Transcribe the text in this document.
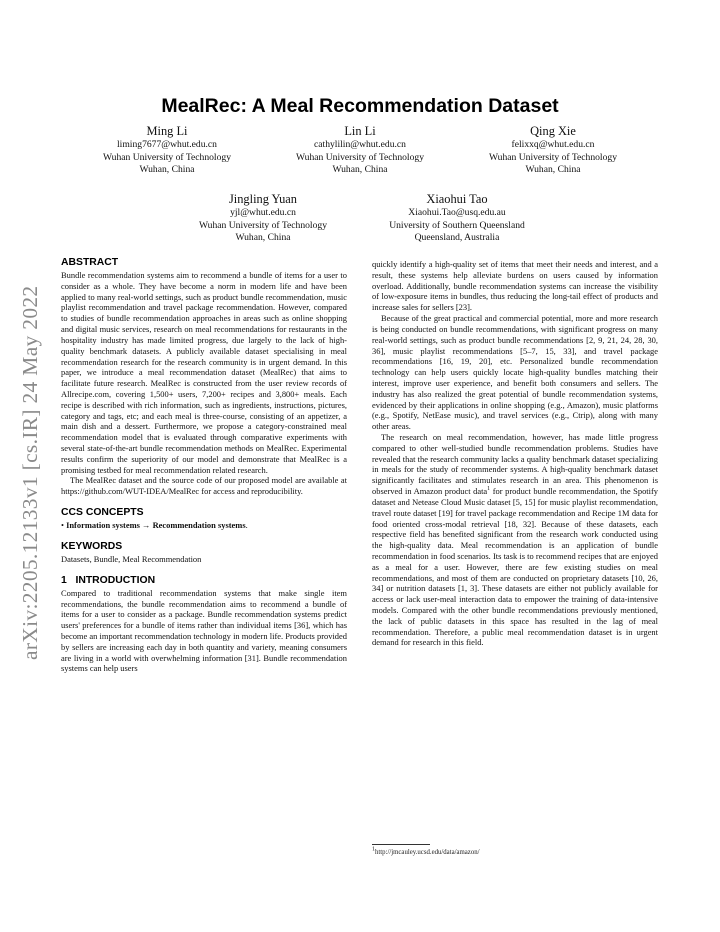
arXiv:2205.12133v1 [cs.IR] 24 May 2022
MealRec: A Meal Recommendation Dataset
Ming Li
liming7677@whut.edu.cn
Wuhan University of Technology
Wuhan, China
Lin Li
cathylilin@whut.edu.cn
Wuhan University of Technology
Wuhan, China
Qing Xie
felixxq@whut.edu.cn
Wuhan University of Technology
Wuhan, China
Jingling Yuan
yjl@whut.edu.cn
Wuhan University of Technology
Wuhan, China
Xiaohui Tao
Xiaohui.Tao@usq.edu.au
University of Southern Queensland
Queensland, Australia
ABSTRACT

Bundle recommendation systems aim to recommend a bundle of items for a user to consider as a whole. They have become a norm in modern life and have been applied to many real-world settings, such as product bundle recommendation, music playlist recommendation and travel package recommendation. However, compared to studies of bundle recommendation approaches in areas such as online shopping and digital music services, research on meal recommendations for restaurants in the hospitality industry has made limited progress, due largely to the lack of high-quality benchmark datasets. A publicly available dataset specialising in meal recommendation research for the research community is in urgent demand. In this paper, we introduce a meal recommendation dataset (MealRec) that aims to facilitate future research. MealRec is constructed from the user review records of Allrecipe.com, covering 1,500+ users, 7,200+ recipes and 3,800+ meals. Each recipe is described with rich information, such as ingredients, instructions, pictures, category and tags, etc; and each meal is three-course, consisting of an appetizer, a main dish and a dessert. Furthermore, we propose a category-constrained meal recommendation model that is evaluated through comparative experiments with several state-of-the-art bundle recommendation methods on MealRec. Experimental results confirm the superiority of our model and demonstrate that MealRec is a promising testbed for meal recommendation related research.

The MealRec dataset and the source code of our proposed model are available at https://github.com/WUT-IDEA/MealRec for access and reproducibility.

CCS CONCEPTS

• Information systems → Recommendation systems.

KEYWORDS

Datasets, Bundle, Meal Recommendation

1   INTRODUCTION

Compared to traditional recommendation systems that make single item recommendations, the bundle recommendation aims to recommend a bundle of items for a user to consider as a package. Bundle recommendation systems predict users' preferences for a bundle of items rather than individual items [36], which has become an important recommendation technology in modern life. Products provided by sellers are increasing each day in both quantity and variety, meaning consumers are living in a world with overwhelming information [31]. Bundle recommendation systems can help users

quickly identify a high-quality set of items that meet their needs and interest, and a result, these systems help alleviate burdens on users caused by information overload. Additionally, bundle recommendation systems can increase the visibility of low-exposure items in bundles, thus reducing the long-tail effect of products and increase sales for sellers [23].

Because of the great practical and commercial potential, more and more research is being conducted on bundle recommendations, with significant progress on many real-world settings, such as product bundle recommendations [2, 9, 21, 24, 28, 30, 36], music playlist recommendations [5–7, 15, 33], and travel package recommendations [16, 19, 20], etc. Personalized bundle recommendation technology can help users quickly locate high-quality bundles matching their interest, improve user experience, and benefit both consumers and sellers. The industry has also realized the great potential of bundle recommendation systems, evidenced by their applications in online shopping (e.g., Amazon), music platforms (e.g., Spotify, NetEase music), and travel services (e.g., Ctrip), along with many other areas.

The research on meal recommendation, however, has made little progress compared to other well-studied bundle recommendation problems. Studies have revealed that the research community lacks a quality benchmark dataset specializing in meals for the study of recommender systems. A high-quality benchmark dataset significantly facilitates and stimulates research in an area. This phenomenon is observed in Amazon product data$^1$ for product bundle recommendation, the Spotify dataset and Netease Cloud Music dataset [5, 15] for music playlist recommendation, travel route dataset [19] for travel package recommendation and Recipe 1M data for food oriented cross-modal retrieval [18, 32]. Because of these datasets, each respective field has benefited significant from the research work conducted using the high-quality data. Meal recommendation is an application of bundle recommendation in food scenarios. Its task is to recommend recipes that are enjoyed as a meal for a user. However, there are few existing studies on meal recommendations, and most of them are conducted on proprietary datasets [10, 26, 34] or nutrition datasets [1, 3]. These datasets are either not publicly available for access or lack user-meal interaction data to empower the training of data-intensive models. Compared with the other bundle recommendations previously mentioned, the lack of public datasets in this space has resulted in the lag of meal recommendation. Therefore, a public meal recommendation dataset is in urgent demand for research in this field.

$^1$http://jmcauley.ucsd.edu/data/amazon/
